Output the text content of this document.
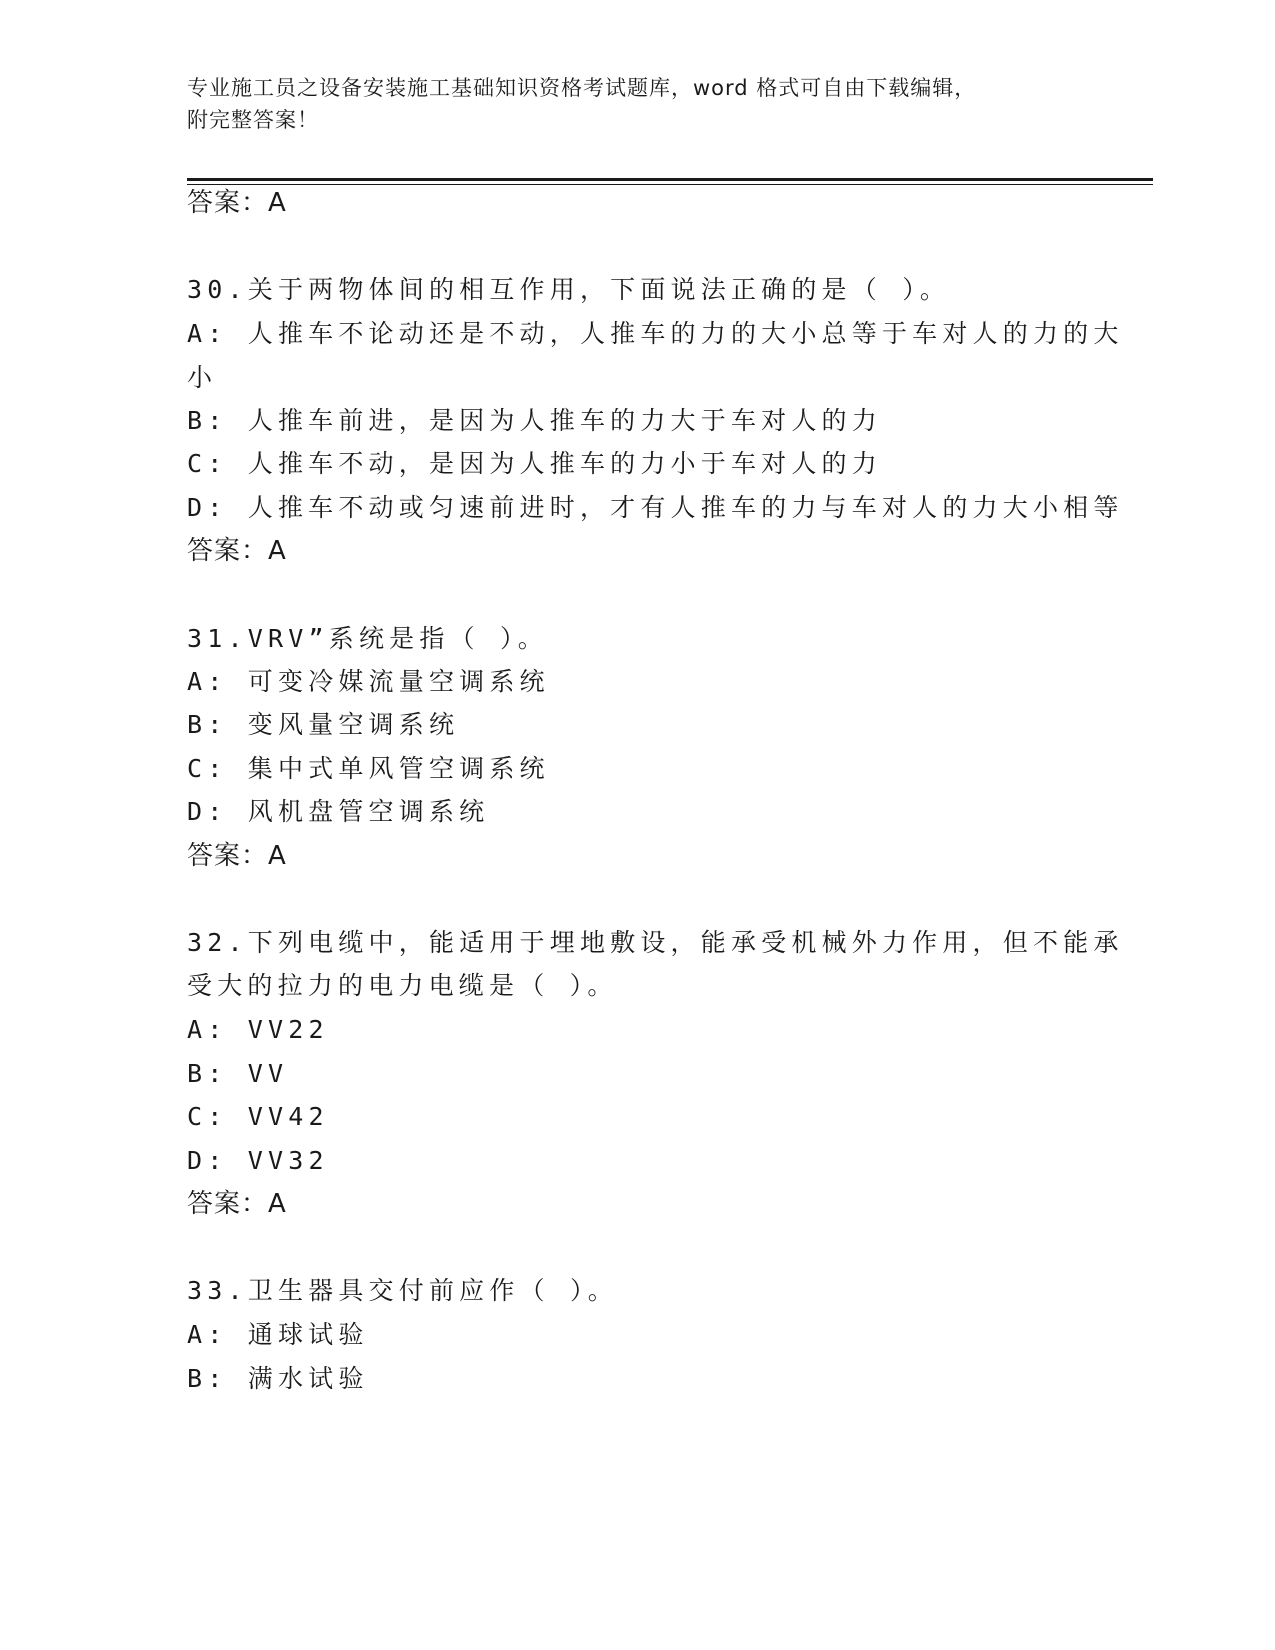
专业施工员之设备安装施工基础知识资格考试题库，word 格式可自由下载编辑，
附完整答案！
答案：A
30.关于两物体间的相互作用，下面说法正确的是（ ）。
A: 人推车不论动还是不动，人推车的力的大小总等于车对人的力的大
小
B: 人推车前进，是因为人推车的力大于车对人的力
C: 人推车不动，是因为人推车的力小于车对人的力
D: 人推车不动或匀速前进时，才有人推车的力与车对人的力大小相等
答案：A
31.VRV”系统是指（ ）。
A: 可变冷媒流量空调系统
B: 变风量空调系统
C: 集中式单风管空调系统
D: 风机盘管空调系统
答案：A
32.下列电缆中，能适用于埋地敷设，能承受机械外力作用，但不能承
受大的拉力的电力电缆是（ ）。
A: VV22
B: VV
C: VV42
D: VV32
答案：A
33.卫生器具交付前应作（ ）。
A: 通球试验
B: 满水试验
